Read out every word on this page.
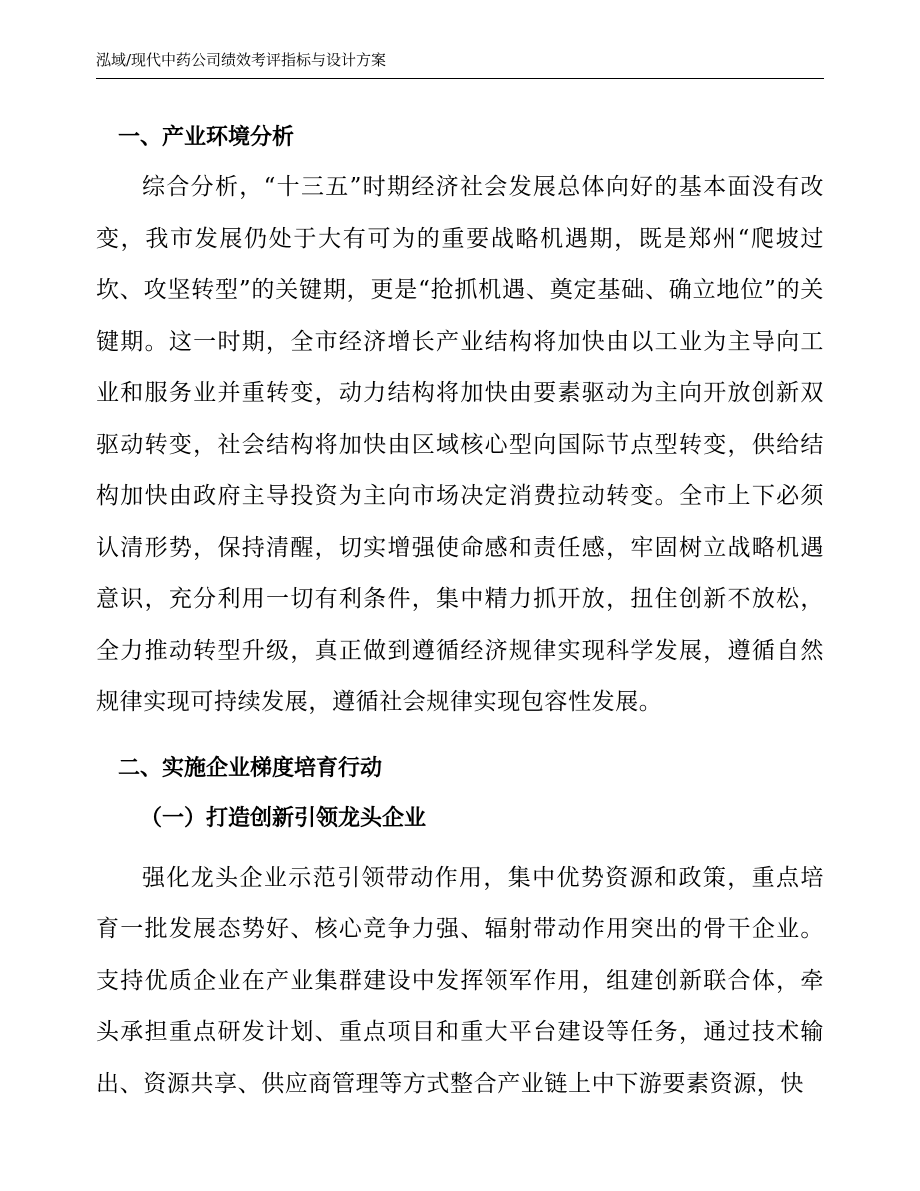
泓域/现代中药公司绩效考评指标与设计方案
一、产业环境分析

综合分析，“十三五”时期经济社会发展总体向好的基本面没有改变，我市发展仍处于大有可为的重要战略机遇期，既是郑州“爬坡过坎、攻坚转型”的关键期，更是“抢抓机遇、奠定基础、确立地位”的关键期。这一时期，全市经济增长产业结构将加快由以工业为主导向工业和服务业并重转变，动力结构将加快由要素驱动为主向开放创新双驱动转变，社会结构将加快由区域核心型向国际节点型转变，供给结构加快由政府主导投资为主向市场决定消费拉动转变。全市上下必须认清形势，保持清醒，切实增强使命感和责任感，牢固树立战略机遇意识，充分利用一切有利条件，集中精力抓开放，扭住创新不放松，全力推动转型升级，真正做到遵循经济规律实现科学发展，遵循自然规律实现可持续发展，遵循社会规律实现包容性发展。

二、实施企业梯度培育行动
（一）打造创新引领龙头企业

强化龙头企业示范引领带动作用，集中优势资源和政策，重点培育一批发展态势好、核心竞争力强、辐射带动作用突出的骨干企业。支持优质企业在产业集群建设中发挥领军作用，组建创新联合体，牵头承担重点研发计划、重点项目和重大平台建设等任务，通过技术输出、资源共享、供应商管理等方式整合产业链上中下游要素资源，快
